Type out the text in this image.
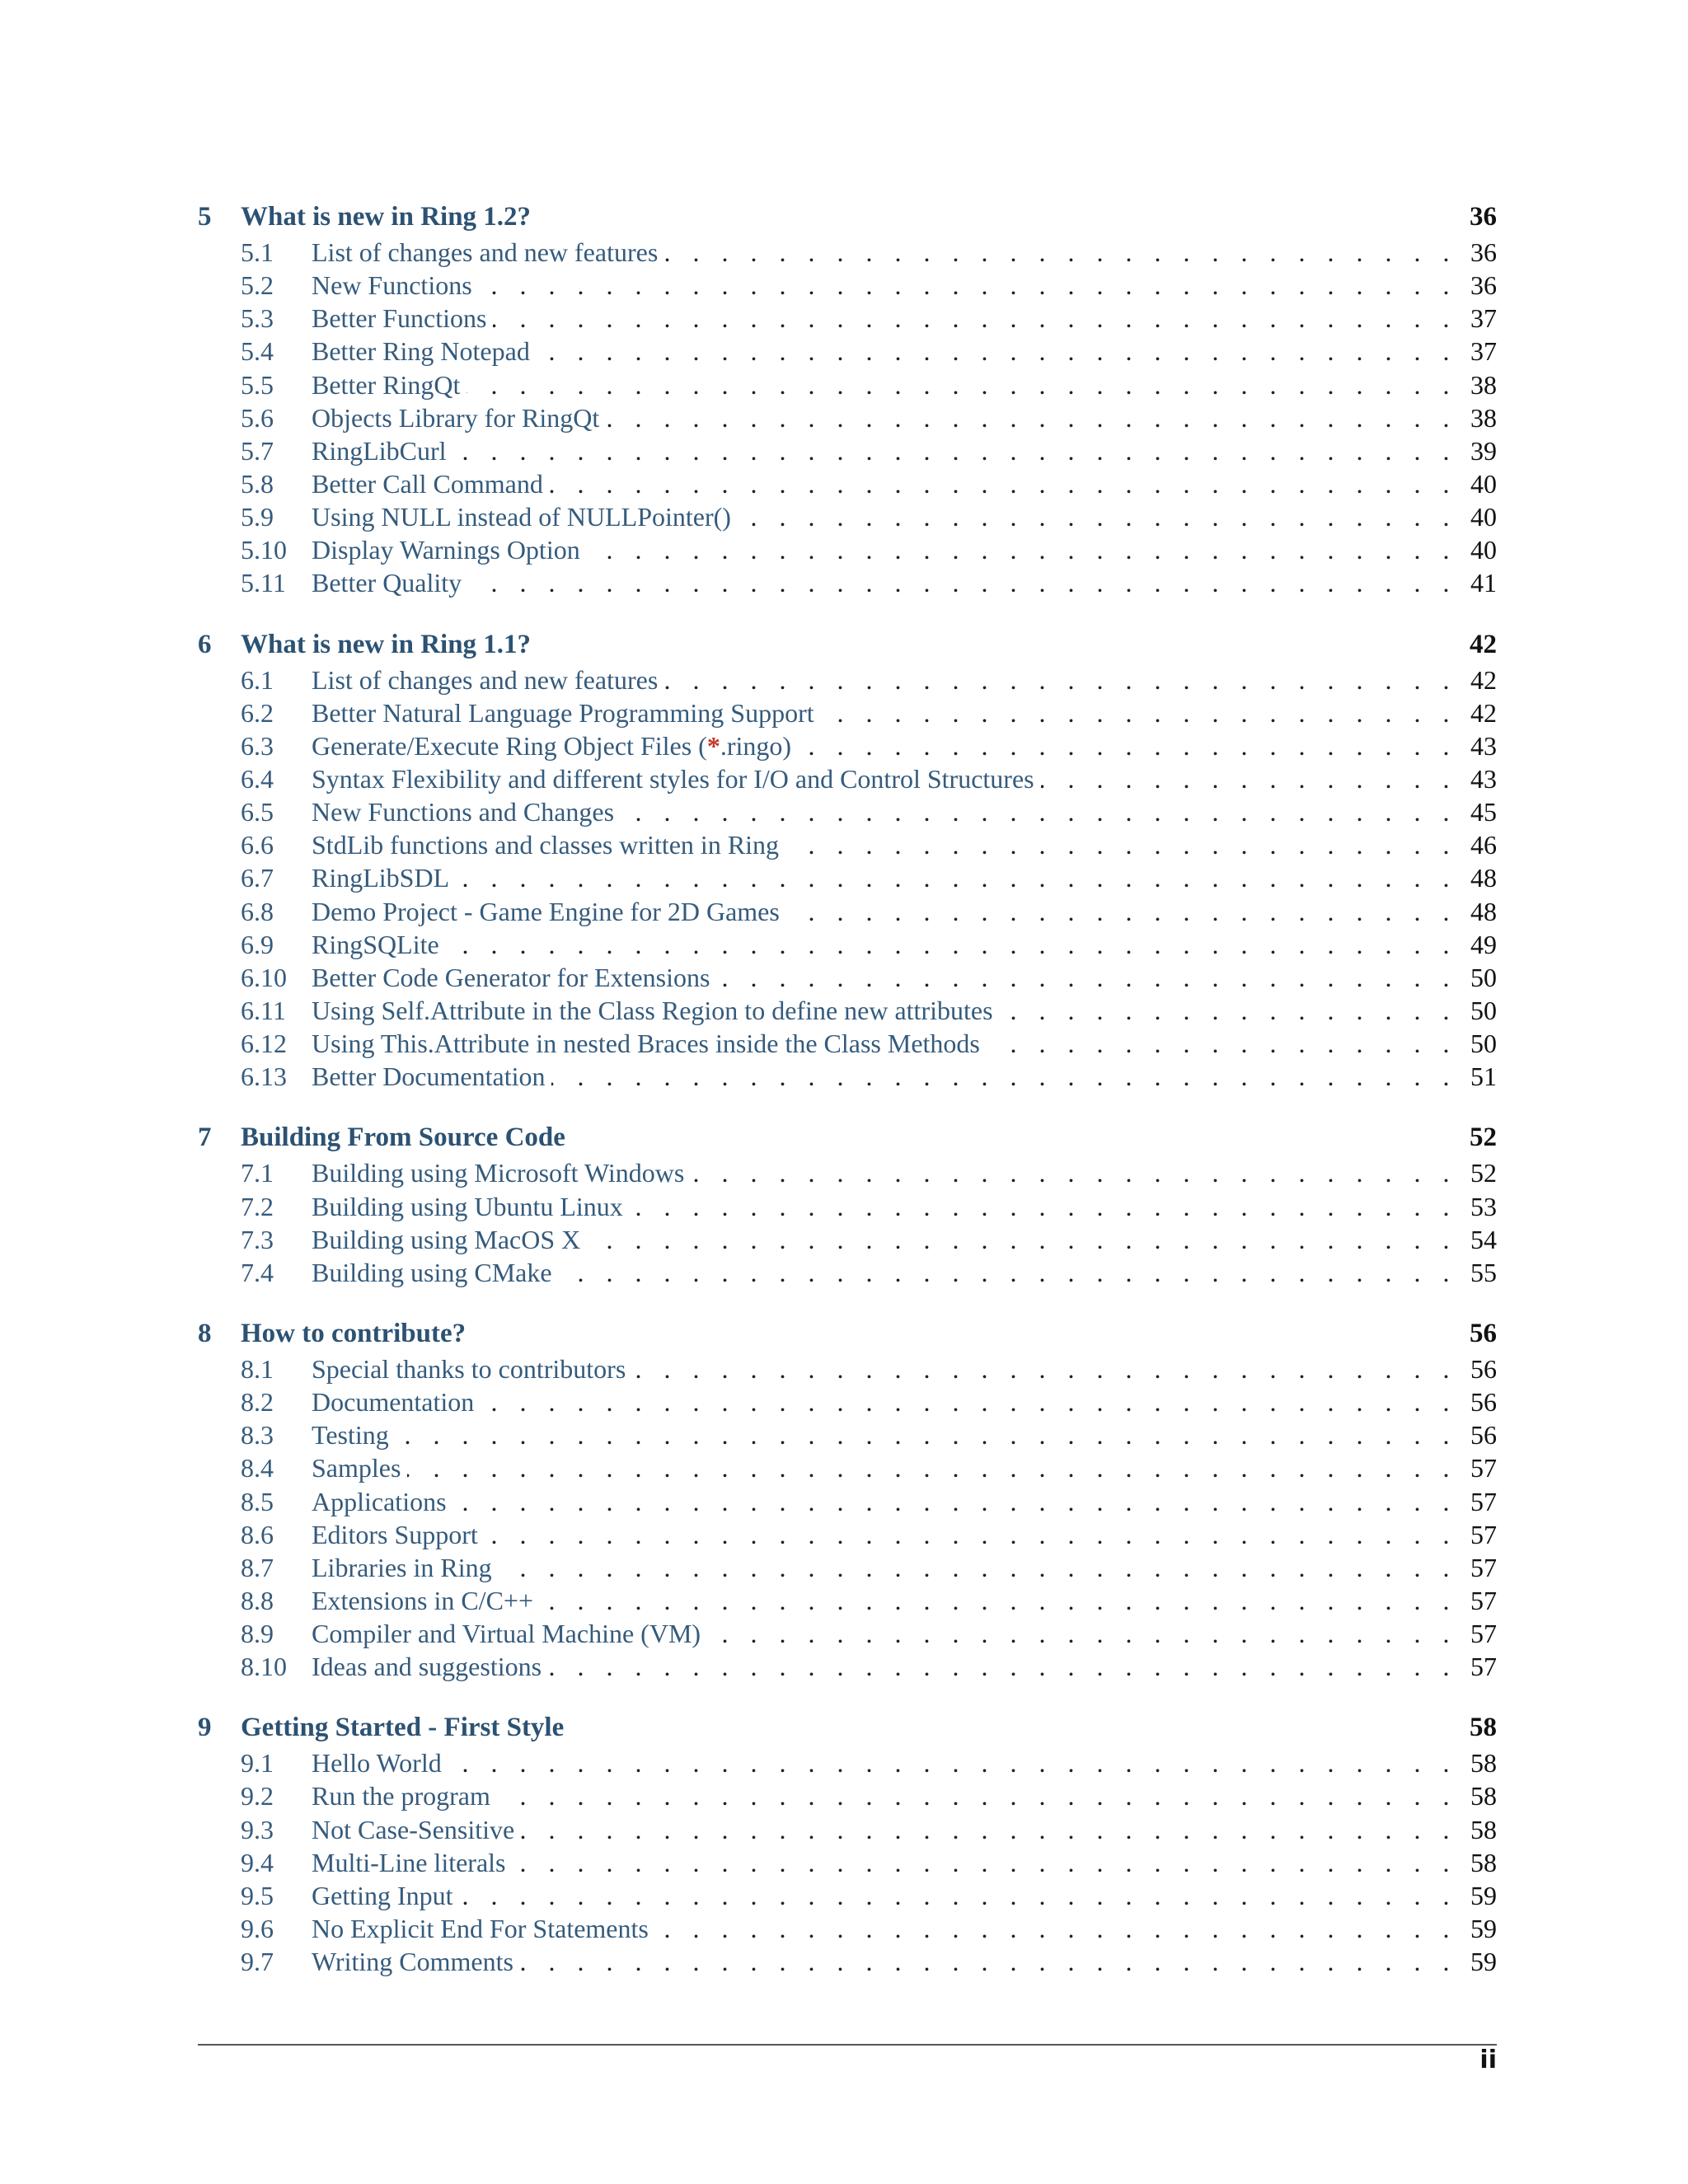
5	What is new in Ring 1.2?	36
5.1	List of changes and new features . . .	36
5.2	New Functions . . .	36
5.3	Better Functions . . .	37
5.4	Better Ring Notepad . . .	37
5.5	Better RingQt . . .	38
5.6	Objects Library for RingQt . . .	38
5.7	RingLibCurl . . .	39
5.8	Better Call Command . . .	40
5.9	Using NULL instead of NULLPointer() . . .	40
5.10 Display Warnings Option . . .	40
5.11 Better Quality . . .	41
6	What is new in Ring 1.1?	42
6.1	List of changes and new features . . .	42
6.2	Better Natural Language Programming Support . . .	42
6.3	Generate/Execute Ring Object Files (*.ringo) . . .	43
6.4	Syntax Flexibility and different styles for I/O and Control Structures . . .	43
6.5	New Functions and Changes . . .	45
6.6	StdLib functions and classes written in Ring . . .	46
6.7	RingLibSDL . . .	48
6.8	Demo Project - Game Engine for 2D Games . . .	48
6.9	RingSQLite . . .	49
6.10 Better Code Generator for Extensions . . .	50
6.11 Using Self.Attribute in the Class Region to define new attributes . . .	50
6.12 Using This.Attribute in nested Braces inside the Class Methods . . .	50
6.13 Better Documentation . . .	51
7	Building From Source Code	52
7.1	Building using Microsoft Windows . . .	52
7.2	Building using Ubuntu Linux . . .	53
7.3	Building using MacOS X . . .	54
7.4	Building using CMake . . .	55
8	How to contribute?	56
8.1	Special thanks to contributors . . .	56
8.2	Documentation . . .	56
8.3	Testing . . .	56
8.4	Samples . . .	57
8.5	Applications . . .	57
8.6	Editors Support . . .	57
8.7	Libraries in Ring . . .	57
8.8	Extensions in C/C++ . . .	57
8.9	Compiler and Virtual Machine (VM) . . .	57
8.10 Ideas and suggestions . . .	57
9	Getting Started - First Style	58
9.1	Hello World . . .	58
9.2	Run the program . . .	58
9.3	Not Case-Sensitive . . .	58
9.4	Multi-Line literals . . .	58
9.5	Getting Input . . .	59
9.6	No Explicit End For Statements . . .	59
9.7	Writing Comments . . .	59
ii
